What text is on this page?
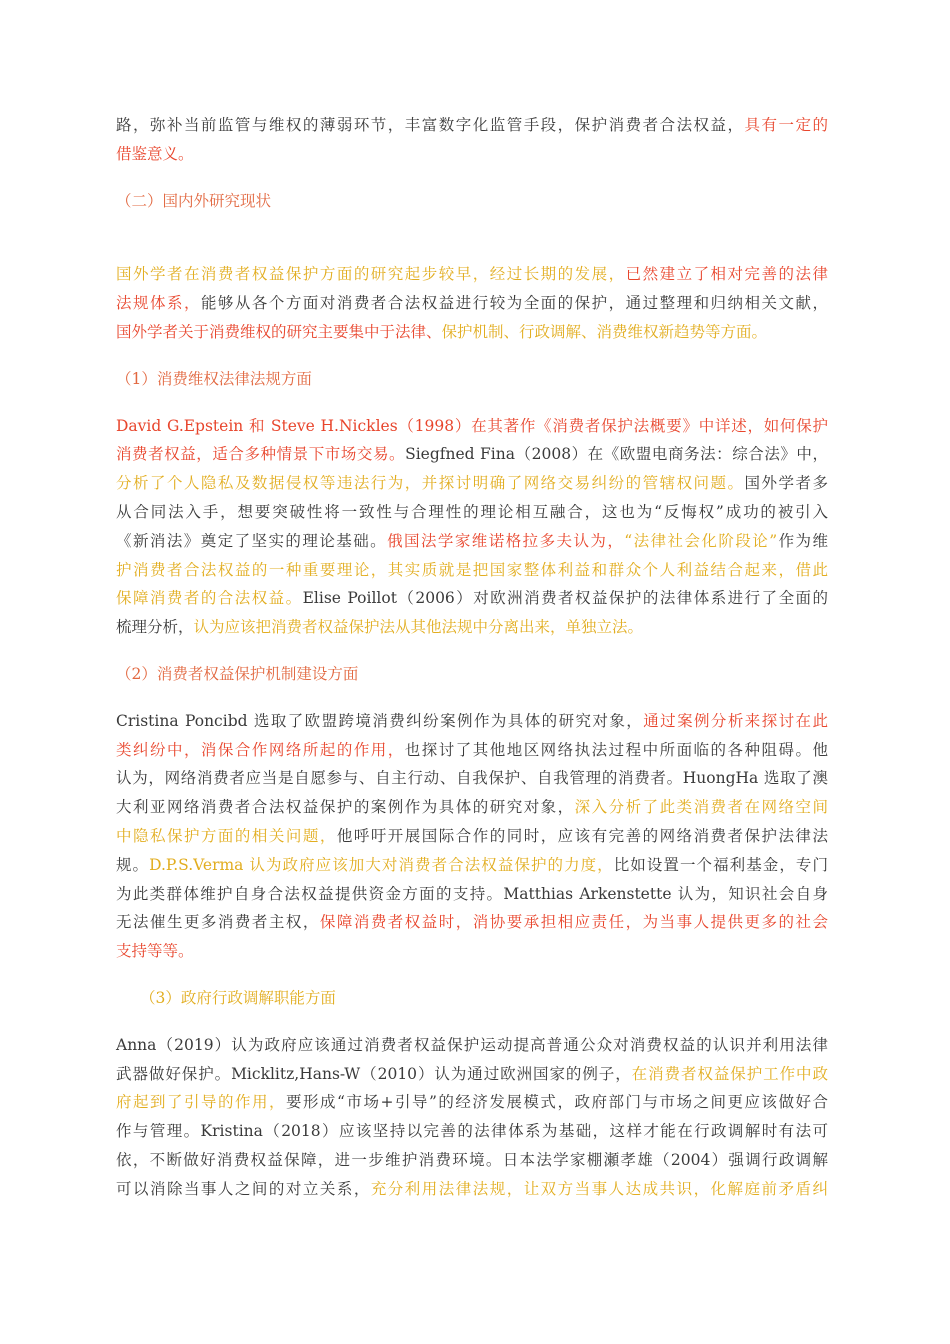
路，弥补当前监管与维权的薄弱环节，丰富数字化监管手段，保护消费者合法权益，具有一定的
借鉴意义。
（二）国内外研究现状
国外学者在消费者权益保护方面的研究起步较早，经过长期的发展，已然建立了相对完善的法律
法规体系，能够从各个方面对消费者合法权益进行较为全面的保护，通过整理和归纳相关文献，
国外学者关于消费维权的研究主要集中于法律、保护机制、行政调解、消费维权新趋势等方面。
（1）消费维权法律法规方面
David G.Epstein 和 Steve H.Nickles（1998）在其著作《消费者保护法概要》中详述，如何保护
消费者权益，适合多种情景下市场交易。Siegfned Fina（2008）在《欧盟电商务法：综合法》中，
分析了个人隐私及数据侵权等违法行为，并探讨明确了网络交易纠纷的管辖权问题。国外学者多
从合同法入手，想要突破性将一致性与合理性的理论相互融合，这也为“反悔权”成功的被引入
《新消法》奠定了坚实的理论基础。俄国法学家维诺格拉多夫认为，“法律社会化阶段论”作为维
护消费者合法权益的一种重要理论，其实质就是把国家整体利益和群众个人利益结合起来，借此
保障消费者的合法权益。Elise Poillot（2006）对欧洲消费者权益保护的法律体系进行了全面的
梳理分析，认为应该把消费者权益保护法从其他法规中分离出来，单独立法。
（2）消费者权益保护机制建设方面
Cristina Poncibd 选取了欧盟跨境消费纠纷案例作为具体的研究对象，通过案例分析来探讨在此
类纠纷中，消保合作网络所起的作用，也探讨了其他地区网络执法过程中所面临的各种阻碍。他
认为，网络消费者应当是自愿参与、自主行动、自我保护、自我管理的消费者。HuongHa 选取了澳
大利亚网络消费者合法权益保护的案例作为具体的研究对象，深入分析了此类消费者在网络空间
中隐私保护方面的相关问题，他呼吁开展国际合作的同时，应该有完善的网络消费者保护法律法
规。D.P.S.Verma 认为政府应该加大对消费者合法权益保护的力度，比如设置一个福利基金，专门
为此类群体维护自身合法权益提供资金方面的支持。Matthias Arkenstette 认为，知识社会自身
无法催生更多消费者主权，保障消费者权益时，消协要承担相应责任，为当事人提供更多的社会
支持等等。
（3）政府行政调解职能方面
Anna（2019）认为政府应该通过消费者权益保护运动提高普通公众对消费权益的认识并利用法律
武器做好保护。Micklitz,Hans-W（2010）认为通过欧洲国家的例子，在消费者权益保护工作中政
府起到了引导的作用，要形成“市场+引导”的经济发展模式，政府部门与市场之间更应该做好合
作与管理。Kristina（2018）应该坚持以完善的法律体系为基础，这样才能在行政调解时有法可
依，不断做好消费权益保障，进一步维护消费环境。日本法学家棚瀬孝雄（2004）强调行政调解
可以消除当事人之间的对立关系，充分利用法律法规，让双方当事人达成共识，化解庭前矛盾纠
